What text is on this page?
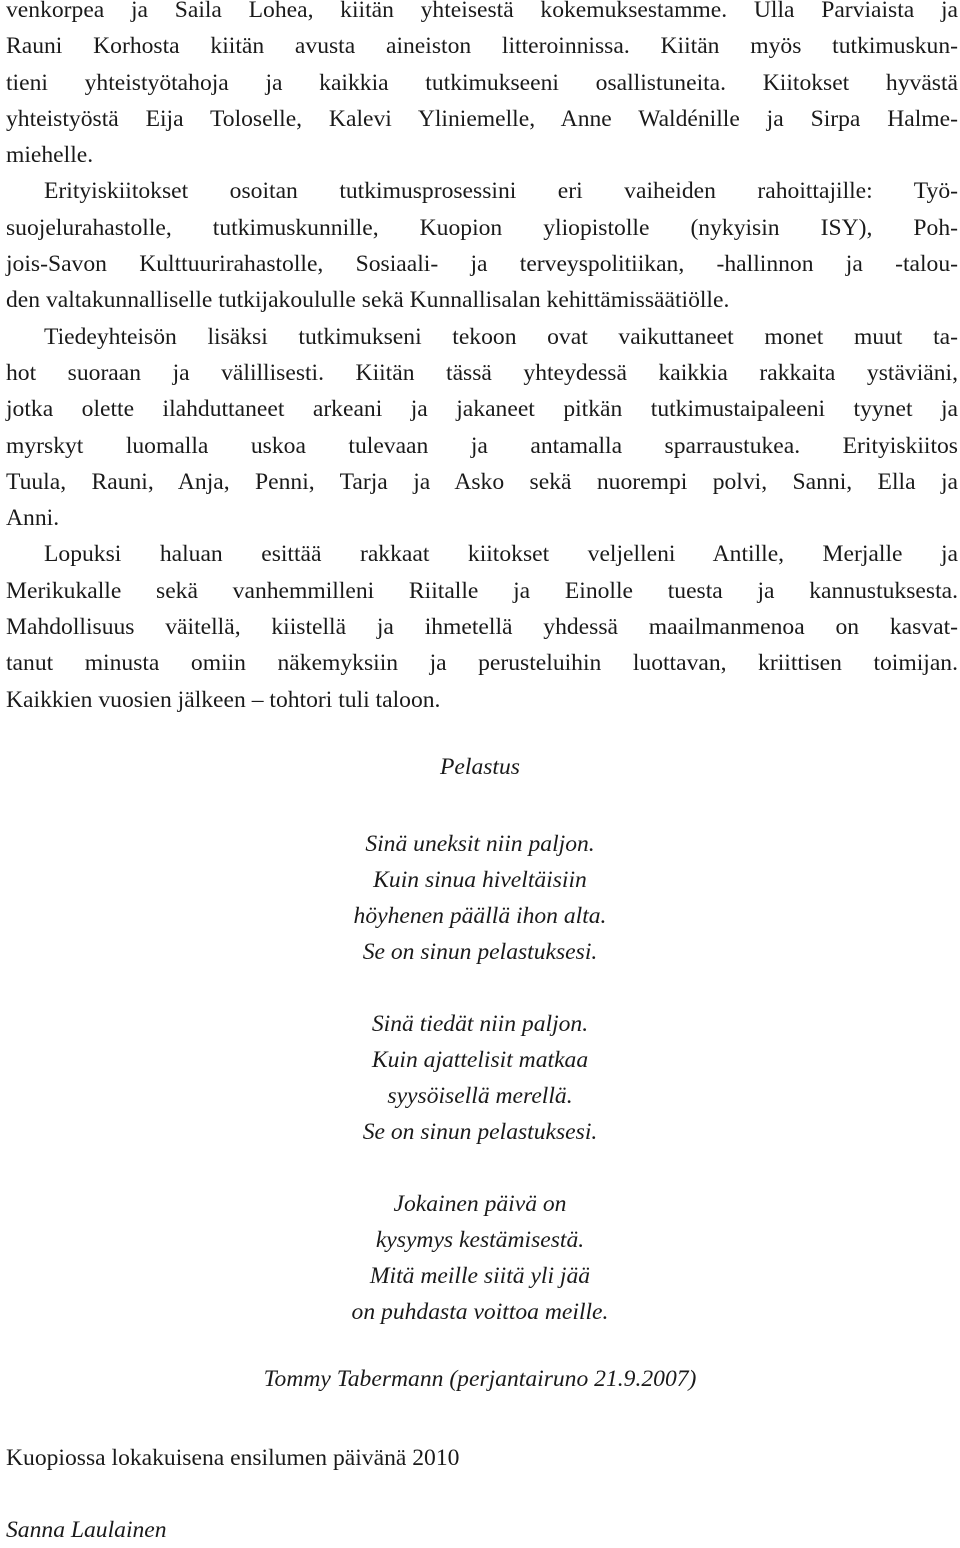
venkorpea ja Saila Lohea, kiitän yhteisestä kokemuksestamme. Ulla Parviaista ja
Rauni Korhosta kiitän avusta aineiston litteroinnissa. Kiitän myös tutkimuskun-
tieni yhteistyötahoja ja kaikkia tutkimukseeni osallistuneita. Kiitokset hyvästä
yhteistyöstä Eija Toloselle, Kalevi Yliniemelle, Anne Waldénille ja Sirpa Halme-
miehelle.
Erityiskiitokset osoitan tutkimusprosessini eri vaiheiden rahoittajille: Työ-
suojelurahastolle, tutkimuskunnille, Kuopion yliopistolle (nykyisin ISY), Poh-
jois-Savon Kulttuurirahastolle, Sosiaali- ja terveyspolitiikan, -hallinnon ja -talou-
den valtakunnalliselle tutkijakoululle sekä Kunnallisalan kehittämissäätiölle.
Tiedeyhteisön lisäksi tutkimukseni tekoon ovat vaikuttaneet monet muut ta-
hot suoraan ja välillisesti. Kiitän tässä yhteydessä kaikkia rakkaita ystäviäni,
jotka olette ilahduttaneet arkeani ja jakaneet pitkän tutkimustaipaleeni tyynet ja
myrskyt luomalla uskoa tulevaan ja antamalla sparraustukea. Erityiskiitos
Tuula, Rauni, Anja, Penni, Tarja ja Asko sekä nuorempi polvi, Sanni, Ella ja
Anni.
Lopuksi haluan esittää rakkaat kiitokset veljelleni Antille, Merjalle ja
Merikukalle sekä vanhemmilleni Riitalle ja Einolle tuesta ja kannustuksesta.
Mahdollisuus väitellä, kiistellä ja ihmetellä yhdessä maailmanmenoa on kasvat-
tanut minusta omiin näkemyksiin ja perusteluihin luottavan, kriittisen toimijan.
Kaikkien vuosien jälkeen – tohtori tuli taloon.
Pelastus
Sinä uneksit niin paljon.
Kuin sinua hiveltäisiin
höyhenen päällä ihon alta.
Se on sinun pelastuksesi.
Sinä tiedät niin paljon.
Kuin ajattelisit matkaa
syysöisellä merellä.
Se on sinun pelastuksesi.
Jokainen päivä on
kysymys kestämisestä.
Mitä meille siitä yli jää
on puhdasta voittoa meille.
Tommy Tabermann (perjantairuno 21.9.2007)
Kuopiossa lokakuisena ensilumen päivänä 2010
Sanna Laulainen
